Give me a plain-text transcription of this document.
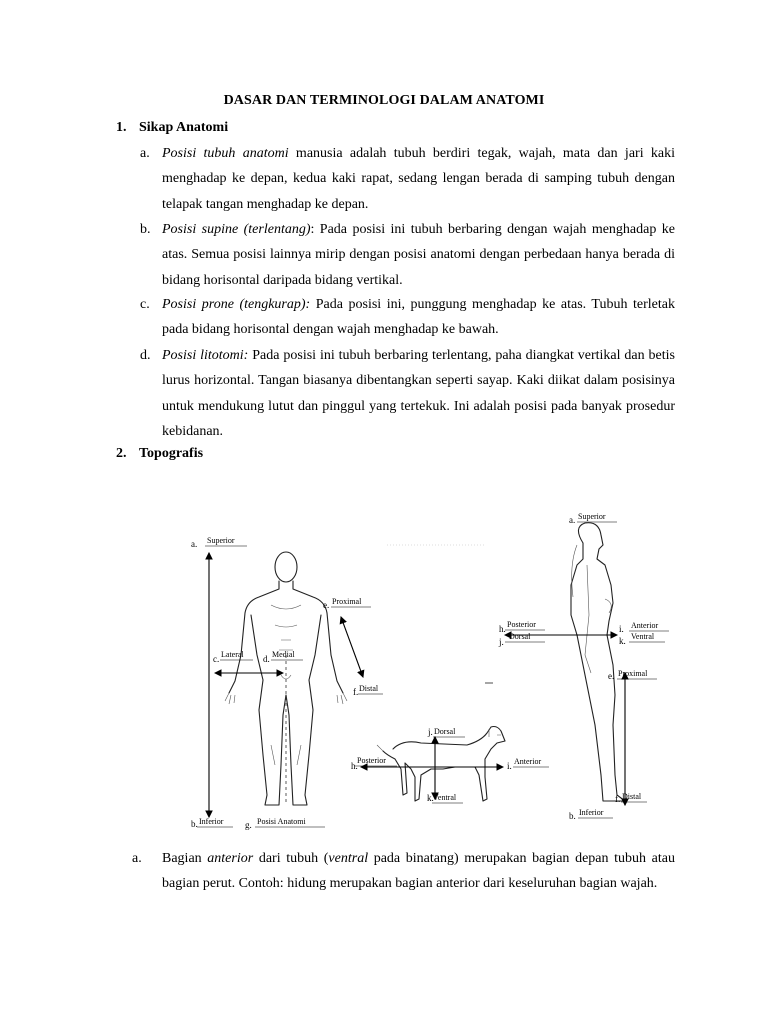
DASAR DAN TERMINOLOGI DALAM ANATOMI
1. Sikap Anatomi
a. Posisi tubuh anatomi manusia adalah tubuh berdiri tegak, wajah, mata dan jari kaki menghadap ke depan, kedua kaki rapat, sedang lengan berada di samping tubuh dengan telapak tangan menghadap ke depan.
b. Posisi supine (terlentang): Pada posisi ini tubuh berbaring dengan wajah menghadap ke atas. Semua posisi lainnya mirip dengan posisi anatomi dengan perbedaan hanya berada di bidang horisontal daripada bidang vertikal.
c. Posisi prone (tengkurap): Pada posisi ini, punggung menghadap ke atas. Tubuh terletak pada bidang horisontal dengan wajah menghadap ke bawah.
d. Posisi litotomi: Pada posisi ini tubuh berbaring terlentang, paha diangkat vertikal dan betis lurus horizontal. Tangan biasanya dibentangkan seperti sayap. Kaki diikat dalam posisinya untuk mendukung lutut dan pinggul yang tertekuk. Ini adalah posisi pada banyak prosedur kebidanan.
2. Topografis
a. Superior
b. Inferior g. Posisi Anatomi
c. Lateral d. Medial
e. Proximal
f. Distal
j. Dorsal
k. Ventral
h.
Posterior
i. Anterior
a. Superior
b. Inferior
h. Posterior
j.
Dorsal
i. Anterior
k. Ventral
e. Proximal
f. Distal
a. Bagian anterior dari tubuh (ventral pada binatang) merupakan bagian depan tubuh atau bagian perut. Contoh: hidung merupakan bagian anterior dari keseluruhan bagian wajah.
